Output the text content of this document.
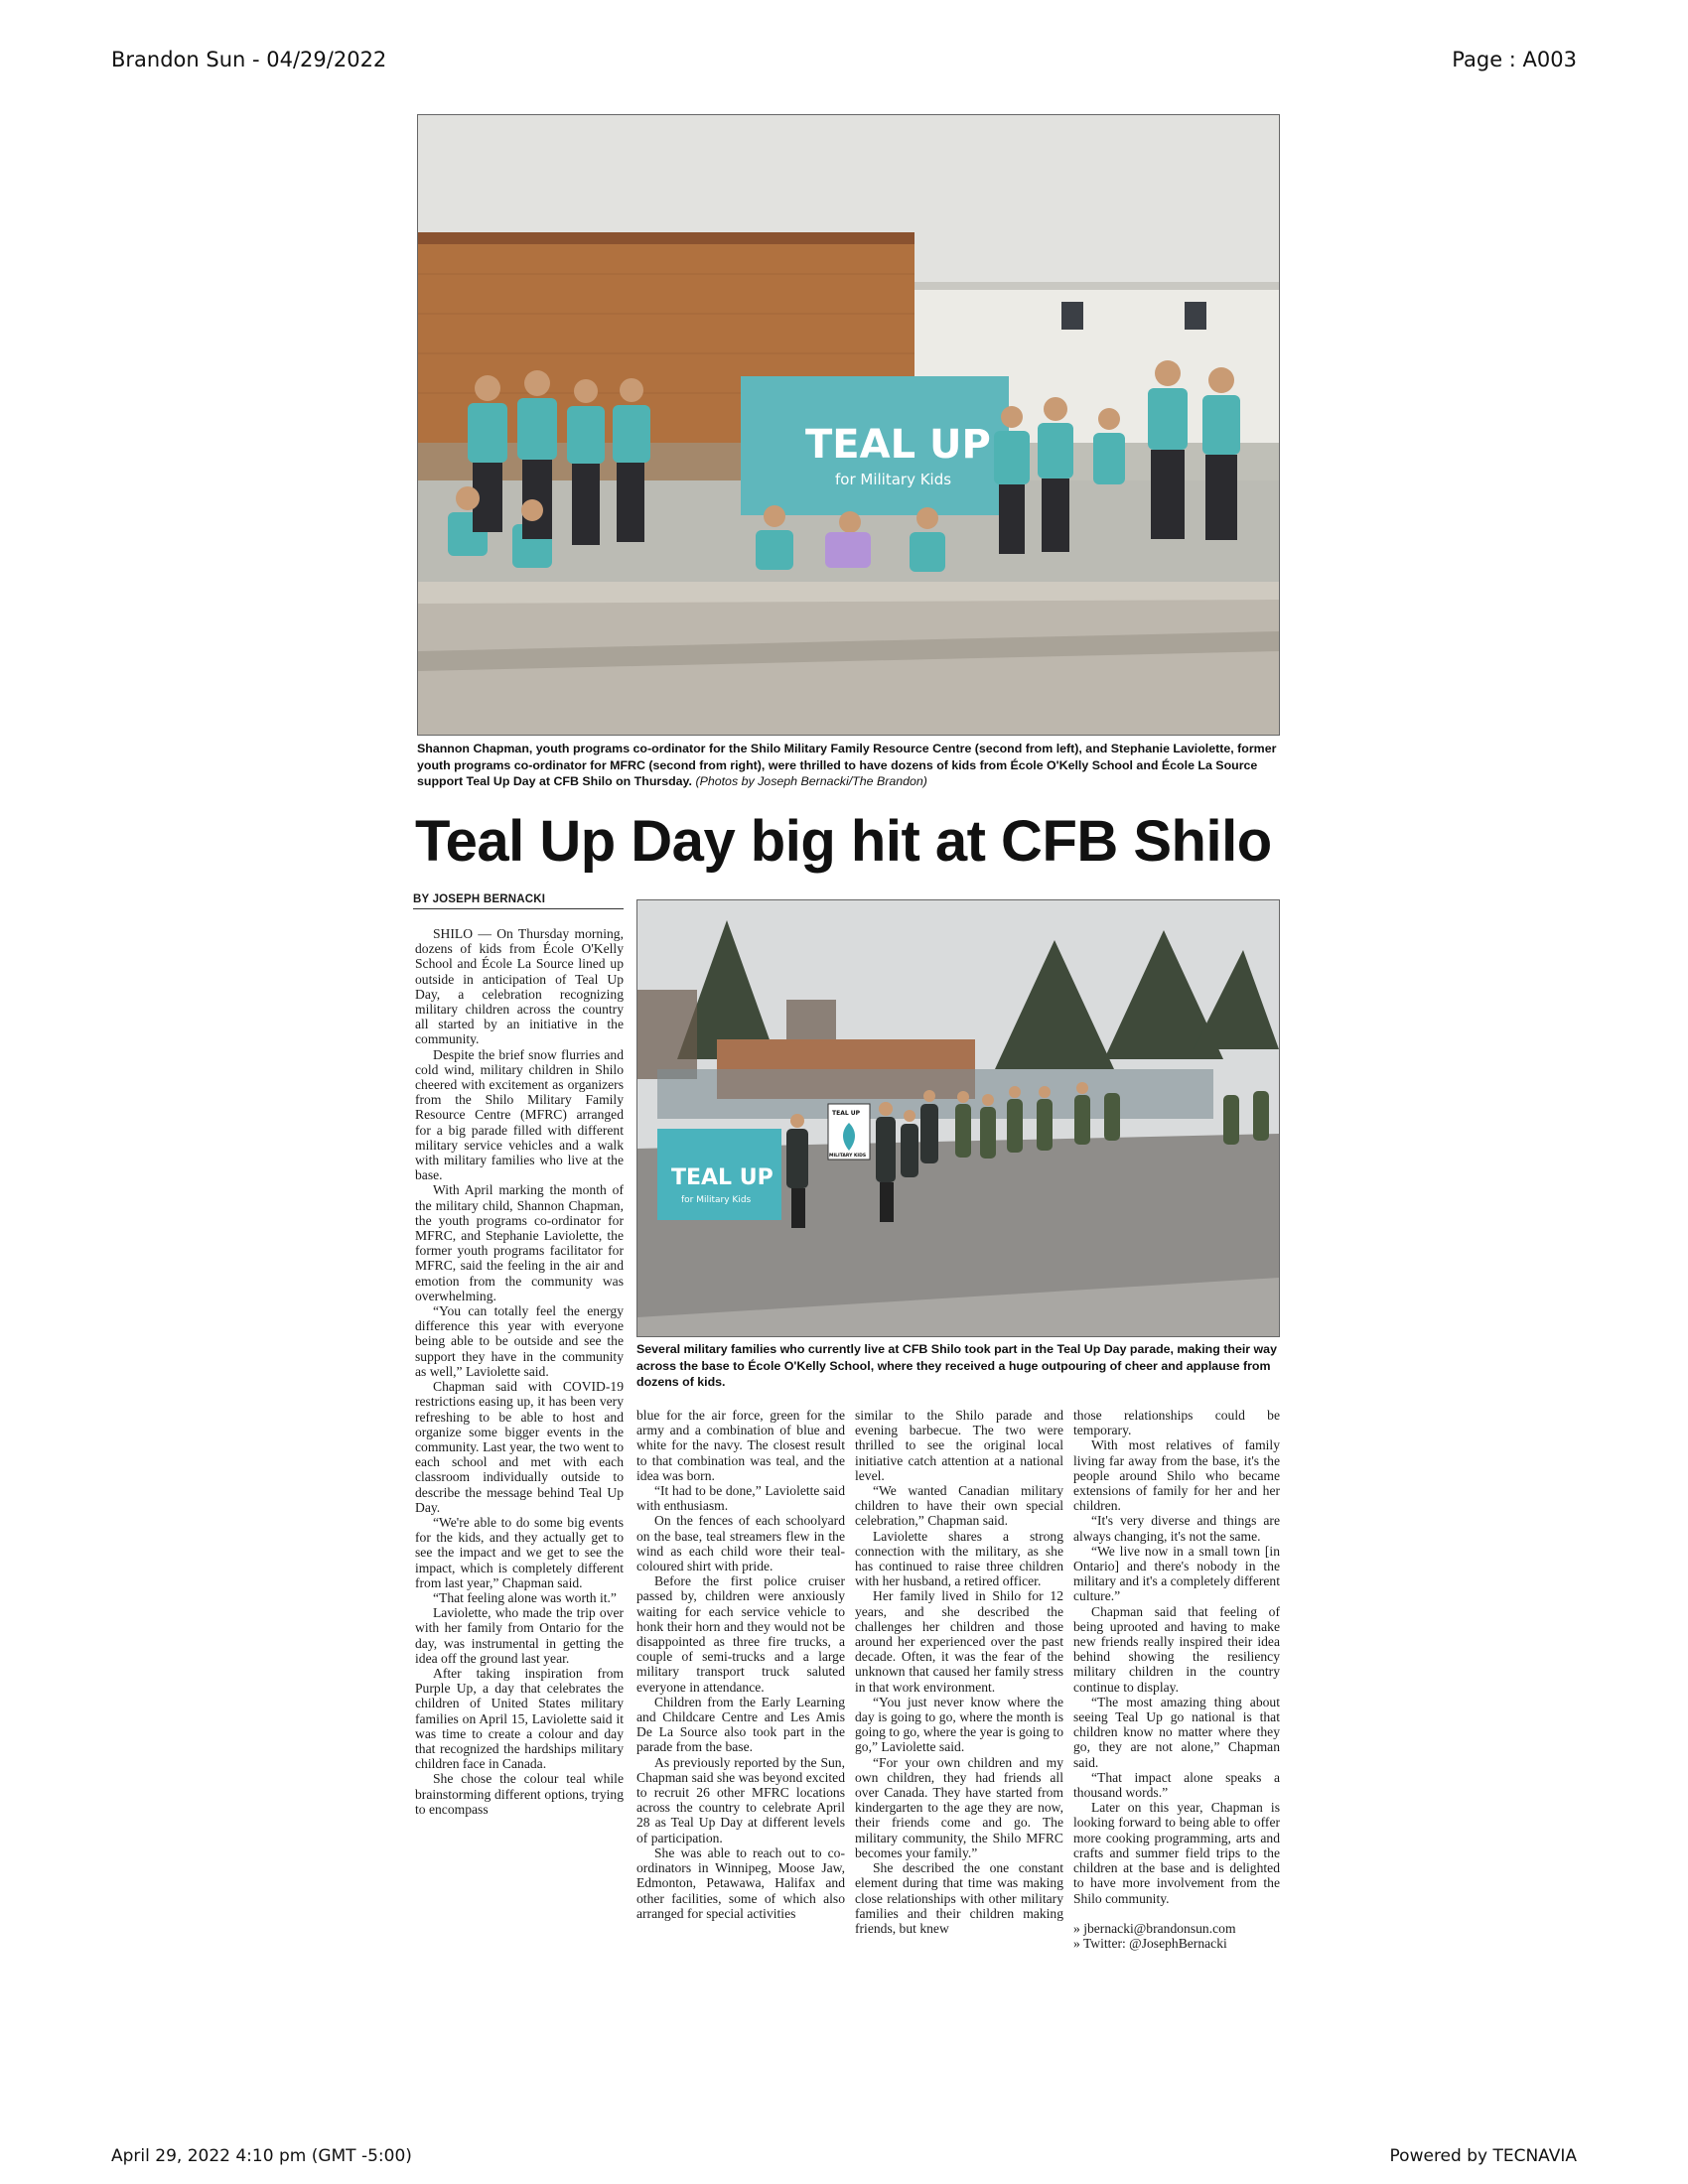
Brandon Sun - 04/29/2022	Page : A003
TEAL UP
for Military Kids
Shannon Chapman, youth programs co-ordinator for the Shilo Military Family Resource Centre (second from left), and Stephanie Laviolette, former youth programs co-ordinator for MFRC (second from right), were thrilled to have dozens of kids from École O'Kelly School and École La Source support Teal Up Day at CFB Shilo on Thursday. (Photos by Joseph Bernacki/The Brandon)
Teal Up Day big hit at CFB Shilo
BY JOSEPH BERNACKI
TEAL UP
for Military Kids
TEAL UP
MILITARY KIDS
Several military families who currently live at CFB Shilo took part in the Teal Up Day parade, making their way across the base to École O'Kelly School, where they received a huge outpouring of cheer and applause from dozens of kids.

SHILO — On Thursday morning, dozens of kids from École O'Kelly School and École La Source lined up outside in anticipation of Teal Up Day, a celebration recognizing military children across the country all started by an initiative in the community.

Despite the brief snow flurries and cold wind, military children in Shilo cheered with excitement as organizers from the Shilo Military Family Resource Centre (MFRC) arranged for a big parade filled with different military service vehicles and a walk with military families who live at the base.

With April marking the month of the military child, Shannon Chapman, the youth programs co-ordinator for MFRC, and Stephanie Laviolette, the former youth programs facilitator for MFRC, said the feeling in the air and emotion from the community was overwhelming.

“You can totally feel the energy difference this year with everyone being able to be outside and see the support they have in the community as well,” Laviolette said.

Chapman said with COVID-19 restrictions easing up, it has been very refreshing to be able to host and organize some bigger events in the community. Last year, the two went to each school and met with each classroom individually outside to describe the message behind Teal Up Day.

“We're able to do some big events for the kids, and they actually get to see the impact and we get to see the impact, which is completely different from last year,” Chapman said.

“That feeling alone was worth it.”

Laviolette, who made the trip over with her family from Ontario for the day, was instrumental in getting the idea off the ground last year.

After taking inspiration from Purple Up, a day that celebrates the children of United States military families on April 15, Laviolette said it was time to create a colour and day that recognized the hardships military children face in Canada.

She chose the colour teal while brainstorming different options, trying to encompass

blue for the air force, green for the army and a combination of blue and white for the navy. The closest result to that combination was teal, and the idea was born.

“It had to be done,” Laviolette said with enthusiasm.

On the fences of each schoolyard on the base, teal streamers flew in the wind as each child wore their teal-coloured shirt with pride.

Before the first police cruiser passed by, children were anxiously waiting for each service vehicle to honk their horn and they would not be disappointed as three fire trucks, a couple of semi-trucks and a large military transport truck saluted everyone in attendance.

Children from the Early Learning and Childcare Centre and Les Amis De La Source also took part in the parade from the base.

As previously reported by the Sun, Chapman said she was beyond excited to recruit 26 other MFRC locations across the country to celebrate April 28 as Teal Up Day at different levels of participation.

She was able to reach out to co-ordinators in Winnipeg, Moose Jaw, Edmonton, Petawawa, Halifax and other facilities, some of which also arranged for special activities

similar to the Shilo parade and evening barbecue. The two were thrilled to see the original local initiative catch attention at a national level.

“We wanted Canadian military children to have their own special celebration,” Chapman said.

Laviolette shares a strong connection with the military, as she has continued to raise three children with her husband, a retired officer.

Her family lived in Shilo for 12 years, and she described the challenges her children and those around her experienced over the past decade. Often, it was the fear of the unknown that caused her family stress in that work environment.

“You just never know where the day is going to go, where the month is going to go, where the year is going to go,” Laviolette said.

“For your own children and my own children, they had friends all over Canada. They have started from kindergarten to the age they are now, their friends come and go. The military community, the Shilo MFRC becomes your family.”

She described the one constant element during that time was making close relationships with other military families and their children making friends, but knew

those relationships could be temporary.

With most relatives of family living far away from the base, it's the people around Shilo who became extensions of family for her and her children.

“It's very diverse and things are always changing, it's not the same.

“We live now in a small town [in Ontario] and there's nobody in the military and it's a completely different culture.”

Chapman said that feeling of being uprooted and having to make new friends really inspired their idea behind showing the resiliency military children in the country continue to display.

“The most amazing thing about seeing Teal Up go national is that children know no matter where they go, they are not alone,” Chapman said.

“That impact alone speaks a thousand words.”

Later on this year, Chapman is looking forward to being able to offer more cooking programming, arts and crafts and summer field trips to the children at the base and is delighted to have more involvement from the Shilo community.

» jbernacki@brandonsun.com

» Twitter: @JosephBernacki

April 29, 2022 4:10 pm (GMT -5:00)	Powered by TECNAVIA
